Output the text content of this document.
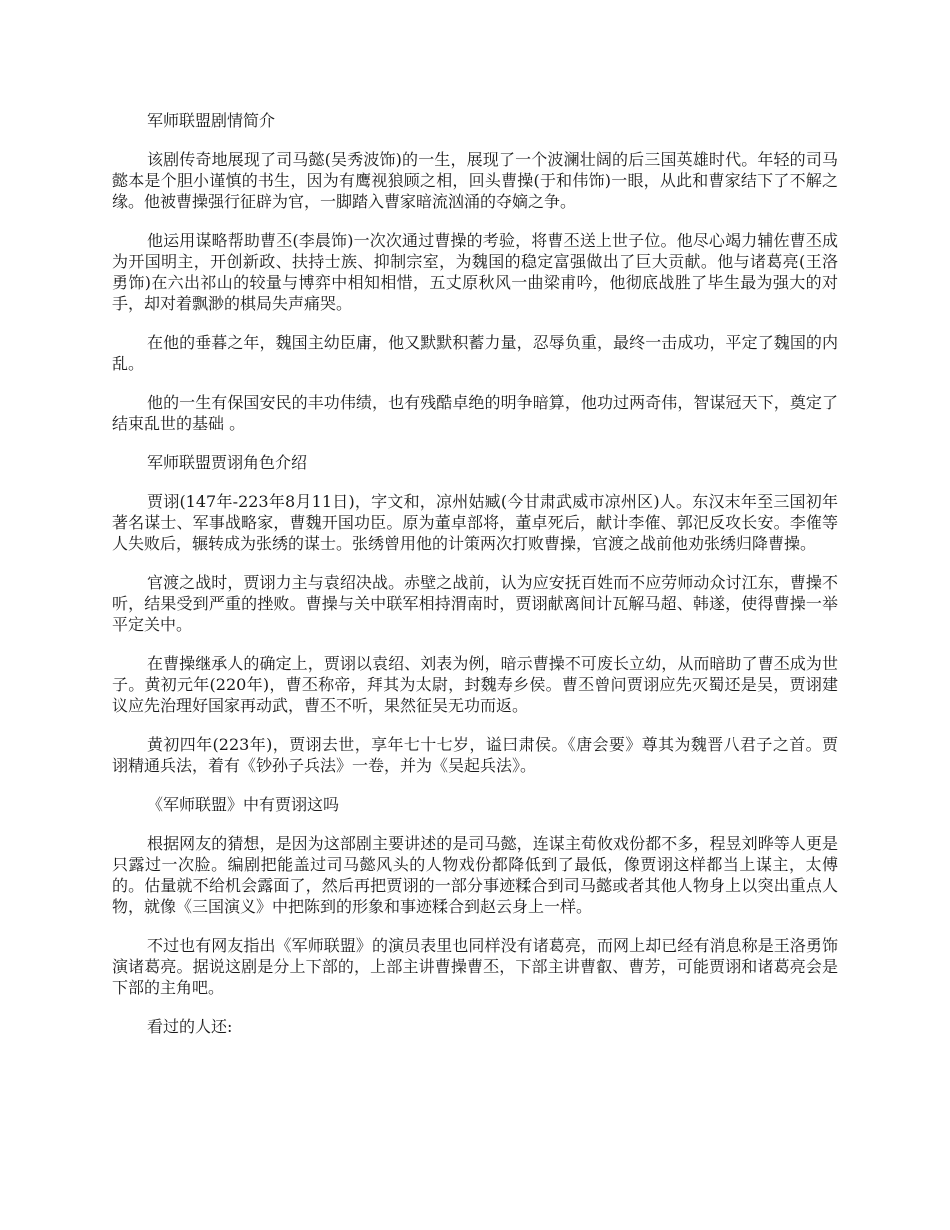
军师联盟剧情简介

该剧传奇地展现了司马懿(吴秀波饰)的一生，展现了一个波澜壮阔的后三国英雄时代。年轻的司马懿本是个胆小谨慎的书生，因为有鹰视狼顾之相，回头曹操(于和伟饰)一眼，从此和曹家结下了不解之缘。他被曹操强行征辟为官，一脚踏入曹家暗流汹涌的夺嫡之争。

他运用谋略帮助曹丕(李晨饰)一次次通过曹操的考验，将曹丕送上世子位。他尽心竭力辅佐曹丕成为开国明主，开创新政、扶持士族、抑制宗室，为魏国的稳定富强做出了巨大贡献。他与诸葛亮(王洛勇饰)在六出祁山的较量与博弈中相知相惜，五丈原秋风一曲梁甫吟，他彻底战胜了毕生最为强大的对手，却对着飘渺的棋局失声痛哭。

在他的垂暮之年，魏国主幼臣庸，他又默默积蓄力量，忍辱负重，最终一击成功，平定了魏国的内乱。

他的一生有保国安民的丰功伟绩，也有残酷卓绝的明争暗算，他功过两奇伟，智谋冠天下，奠定了结束乱世的基础 。

军师联盟贾诩角色介绍

贾诩(147年-223年8月11日)，字文和，凉州姑臧(今甘肃武威市凉州区)人。东汉末年至三国初年著名谋士、军事战略家，曹魏开国功臣。原为董卓部将，董卓死后，献计李傕、郭汜反攻长安。李傕等人失败后，辗转成为张绣的谋士。张绣曾用他的计策两次打败曹操，官渡之战前他劝张绣归降曹操。

官渡之战时，贾诩力主与袁绍决战。赤壁之战前，认为应安抚百姓而不应劳师动众讨江东，曹操不听，结果受到严重的挫败。曹操与关中联军相持渭南时，贾诩献离间计瓦解马超、韩遂，使得曹操一举平定关中。

在曹操继承人的确定上，贾诩以袁绍、刘表为例，暗示曹操不可废长立幼，从而暗助了曹丕成为世子。黄初元年(220年)，曹丕称帝，拜其为太尉，封魏寿乡侯。曹丕曾问贾诩应先灭蜀还是吴，贾诩建议应先治理好国家再动武，曹丕不听，果然征吴无功而返。

黄初四年(223年)，贾诩去世，享年七十七岁，谥曰肃侯。《唐会要》尊其为魏晋八君子之首。贾诩精通兵法，着有《钞孙子兵法》一卷，并为《吴起兵法》。

《军师联盟》中有贾诩这吗

根据网友的猜想，是因为这部剧主要讲述的是司马懿，连谋主荀攸戏份都不多，程昱刘晔等人更是只露过一次脸。编剧把能盖过司马懿风头的人物戏份都降低到了最低，像贾诩这样都当上谋主，太傅的。估量就不给机会露面了，然后再把贾诩的一部分事迹糅合到司马懿或者其他人物身上以突出重点人物，就像《三国演义》中把陈到的形象和事迹糅合到赵云身上一样。

不过也有网友指出《军师联盟》的演员表里也同样没有诸葛亮，而网上却已经有消息称是王洛勇饰演诸葛亮。据说这剧是分上下部的，上部主讲曹操曹丕，下部主讲曹叡、曹芳，可能贾诩和诸葛亮会是下部的主角吧。

看过的人还:
